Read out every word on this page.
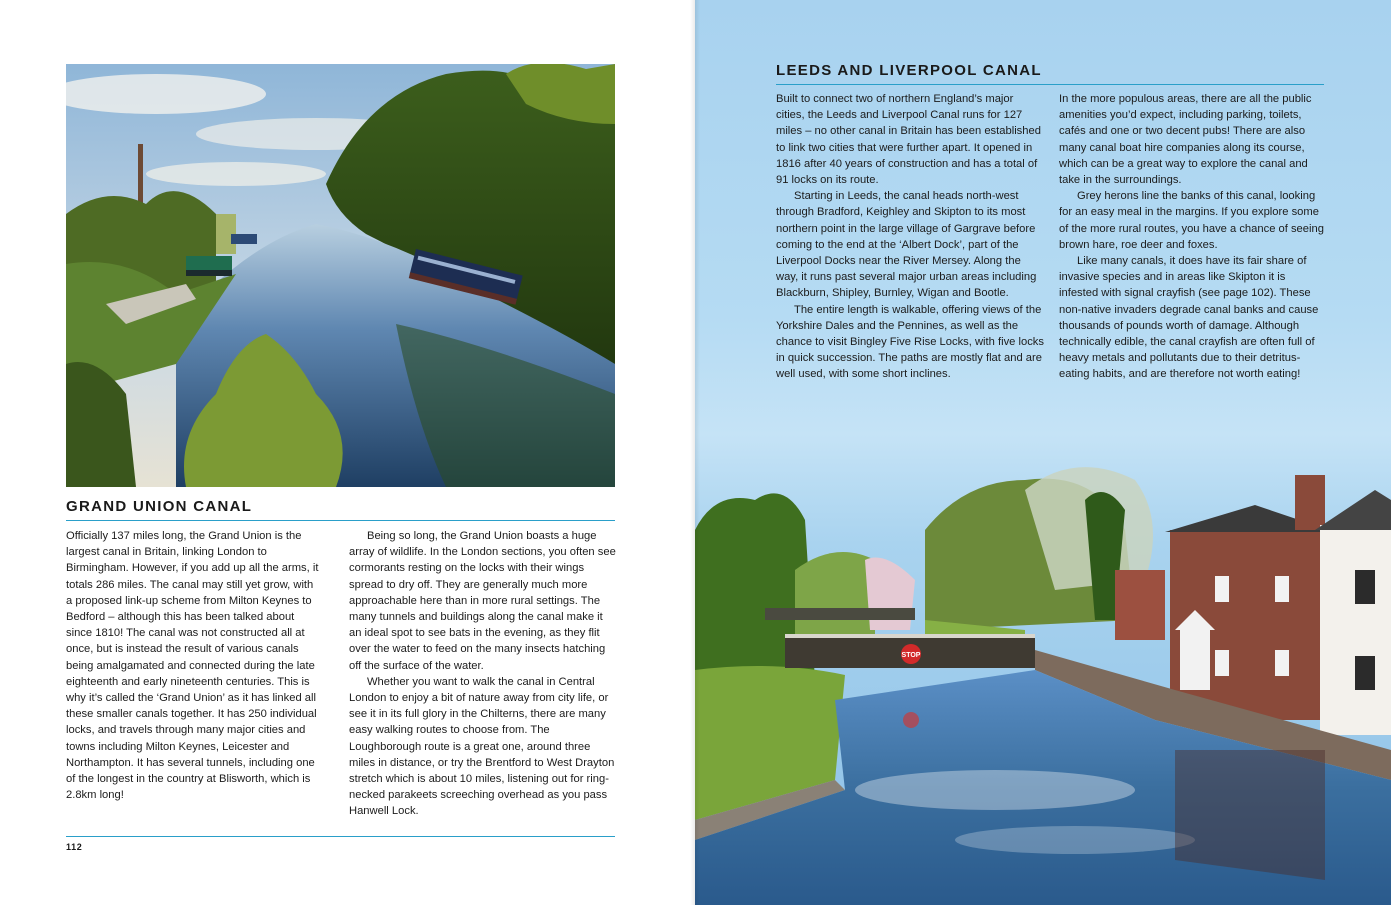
GRAND UNION CANAL

Officially 137 miles long, the Grand Union is the largest canal in Britain, linking London to Birmingham. However, if you add up all the arms, it totals 286 miles. The canal may still yet grow, with a proposed link-up scheme from Milton Keynes to Bedford – although this has been talked about since 1810! The canal was not constructed all at once, but is instead the result of various canals being amalgamated and connected during the late eighteenth and early nineteenth centuries. This is why it’s called the ‘Grand Union’ as it has linked all these smaller canals together. It has 250 individual locks, and travels through many major cities and towns including Milton Keynes, Leicester and Northampton. It has several tunnels, including one of the longest in the country at Blisworth, which is 2.8km long!

Being so long, the Grand Union boasts a huge array of wildlife. In the London sections, you often see cormorants resting on the locks with their wings spread to dry off. They are generally much more approachable here than in more rural settings. The many tunnels and buildings along the canal make it an ideal spot to see bats in the evening, as they flit over the water to feed on the many insects hatching off the surface of the water.

Whether you want to walk the canal in Central London to enjoy a bit of nature away from city life, or see it in its full glory in the Chilterns, there are many easy walking routes to choose from. The Loughborough route is a great one, around three miles in distance, or try the Brentford to West Drayton stretch which is about 10 miles, listening out for ring-necked parakeets screeching overhead as you pass Hanwell Lock.

112
STOP
LEEDS AND LIVERPOOL CANAL

Built to connect two of northern England’s major cities, the Leeds and Liverpool Canal runs for 127 miles – no other canal in Britain has been established to link two cities that were further apart. It opened in 1816 after 40 years of construction and has a total of 91 locks on its route.

Starting in Leeds, the canal heads north-west through Bradford, Keighley and Skipton to its most northern point in the large village of Gargrave before coming to the end at the ‘Albert Dock’, part of the Liverpool Docks near the River Mersey. Along the way, it runs past several major urban areas including Blackburn, Shipley, Burnley, Wigan and Bootle.

The entire length is walkable, offering views of the Yorkshire Dales and the Pennines, as well as the chance to visit Bingley Five Rise Locks, with five locks in quick succession. The paths are mostly flat and are well used, with some short inclines.

In the more populous areas, there are all the public amenities you’d expect, including parking, toilets, cafés and one or two decent pubs! There are also many canal boat hire companies along its course, which can be a great way to explore the canal and take in the surroundings.

Grey herons line the banks of this canal, looking for an easy meal in the margins. If you explore some of the more rural routes, you have a chance of seeing brown hare, roe deer and foxes.

Like many canals, it does have its fair share of invasive species and in areas like Skipton it is infested with signal crayfish (see page 102). These non-native invaders degrade canal banks and cause thousands of pounds worth of damage. Although technically edible, the canal crayfish are often full of heavy metals and pollutants due to their detritus-eating habits, and are therefore not worth eating!
